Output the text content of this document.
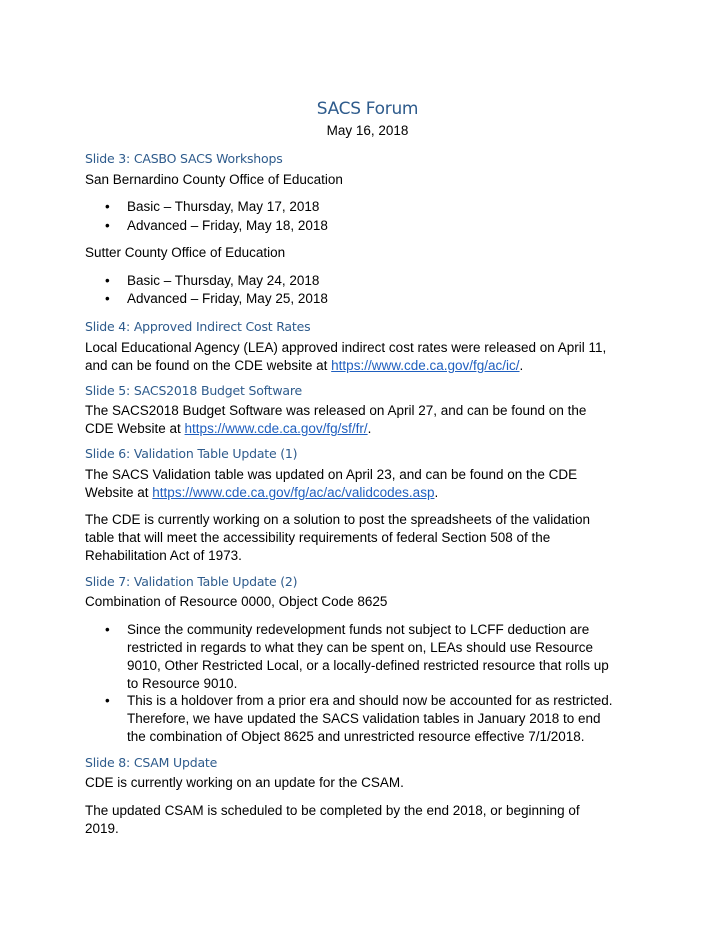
SACS Forum
May 16, 2018
Slide 3: CASBO SACS Workshops
San Bernardino County Office of Education
•	Basic – Thursday, May 17, 2018
•	Advanced – Friday, May 18, 2018
Sutter County Office of Education
•	Basic – Thursday, May 24, 2018
•	Advanced – Friday, May 25, 2018
Slide 4: Approved Indirect Cost Rates
Local Educational Agency (LEA) approved indirect cost rates were released on April 11,
and can be found on the CDE website at https://www.cde.ca.gov/fg/ac/ic/.
Slide 5: SACS2018 Budget Software
The SACS2018 Budget Software was released on April 27, and can be found on the
CDE Website at https://www.cde.ca.gov/fg/sf/fr/.
Slide 6: Validation Table Update (1)
The SACS Validation table was updated on April 23, and can be found on the CDE
Website at https://www.cde.ca.gov/fg/ac/ac/validcodes.asp.
The CDE is currently working on a solution to post the spreadsheets of the validation
table that will meet the accessibility requirements of federal Section 508 of the
Rehabilitation Act of 1973.
Slide 7: Validation Table Update (2)
Combination of Resource 0000, Object Code 8625
•	Since the community redevelopment funds not subject to LCFF deduction are
restricted in regards to what they can be spent on, LEAs should use Resource
9010, Other Restricted Local, or a locally-defined restricted resource that rolls up
to Resource 9010.
•	This is a holdover from a prior era and should now be accounted for as restricted.
Therefore, we have updated the SACS validation tables in January 2018 to end
the combination of Object 8625 and unrestricted resource effective 7/1/2018.
Slide 8: CSAM Update
CDE is currently working on an update for the CSAM.
The updated CSAM is scheduled to be completed by the end 2018, or beginning of
2019.
